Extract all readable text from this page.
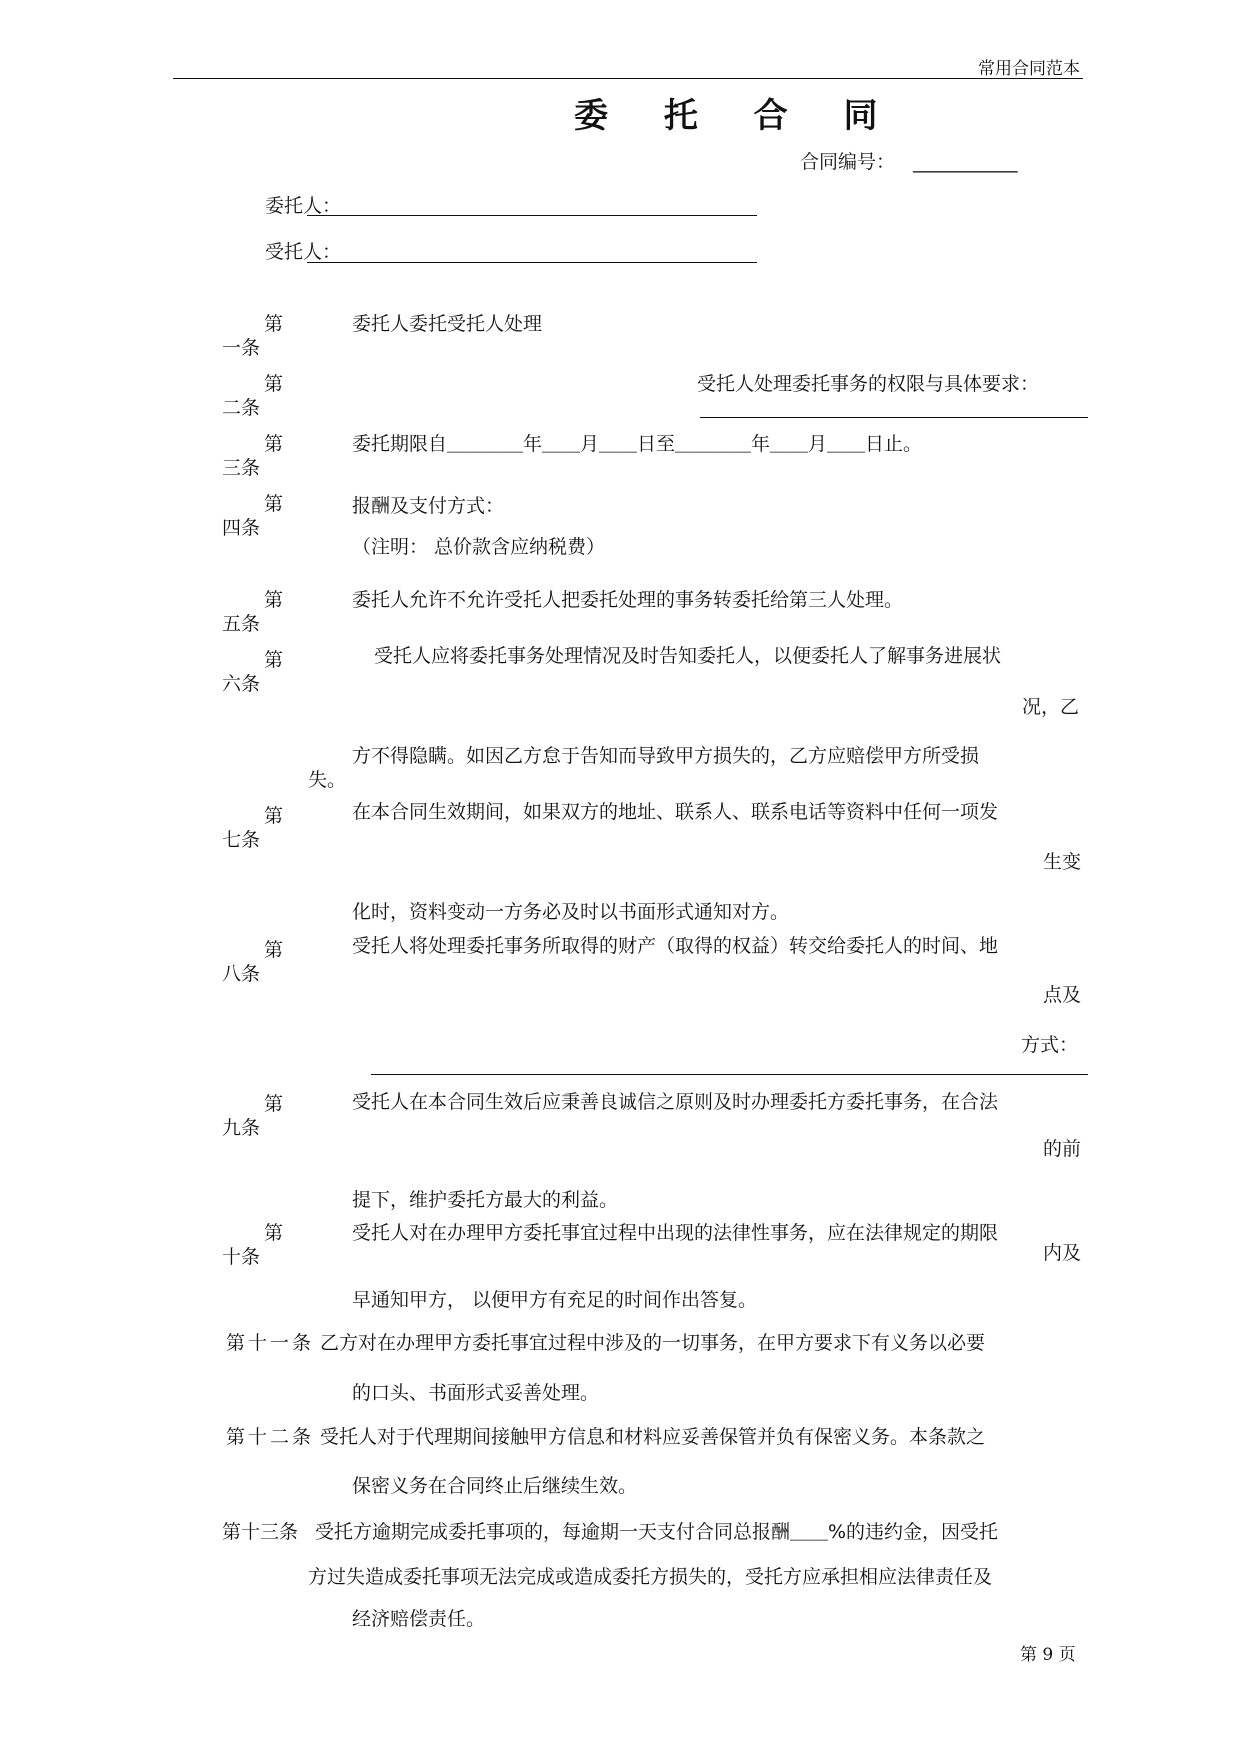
常用合同范本
委 托 合 同
合同编号： ___________
委托人：
受托人：
第
一条
委托人委托受托人处理
第
二条
受托人处理委托事务的权限与具体要求：
第
三条
委托期限自＿＿＿＿年＿＿月＿＿日至＿＿＿＿年＿＿月＿＿日止。
第
四条
报酬及支付方式：
（注明： 总价款含应纳税费）
第
五条
委托人允许不允许受托人把委托处理的事务转委托给第三人处理。
第
六条
受托人应将委托事务处理情况及时告知委托人，以便委托人了解事务进展状
况，乙
方不得隐瞒。如因乙方怠于告知而导致甲方损失的，乙方应赔偿甲方所受损
失。
第
七条
在本合同生效期间，如果双方的地址、联系人、联系电话等资料中任何一项发
生变
化时，资料变动一方务必及时以书面形式通知对方。
第
八条
受托人将处理委托事务所取得的财产（取得的权益）转交给委托人的时间、地
点及
方式：
第
九条
受托人在本合同生效后应秉善良诚信之原则及时办理委托方委托事务，在合法
的前
提下，维护委托方最大的利益。
第
十条
受托人对在办理甲方委托事宜过程中出现的法律性事务，应在法律规定的期限
内及
早通知甲方， 以便甲方有充足的时间作出答复。
第十一条 乙方对在办理甲方委托事宜过程中涉及的一切事务，在甲方要求下有义务以必要
的口头、书面形式妥善处理。
第十二条 受托人对于代理期间接触甲方信息和材料应妥善保管并负有保密义务。本条款之
保密义务在合同终止后继续生效。
第十三条 受托方逾期完成委托事项的，每逾期一天支付合同总报酬＿＿%的违约金，因受托
方过失造成委托事项无法完成或造成委托方损失的，受托方应承担相应法律责任及
经济赔偿责任。
第 9 页
